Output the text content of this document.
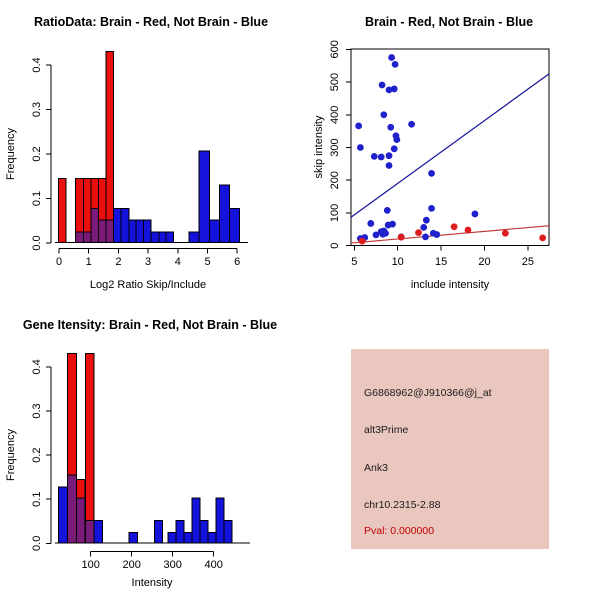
0.0
0.1
0.2
0.3
0.4
0 1 2 3 4 5 6	5	10	15	20	25
0
100
200
300
400
500
600
0.0
0.1
0.2
0.3
0.4
100 200 300 400
RatioData: Brain - Red, Not Brain - Blue	Brain - Red, Not Brain - Blue
Gene Itensity: Brain - Red, Not Brain - Blue
Log2 Ratio Skip/Include
Frequency
include intensity
skip intensity
Intensity
Frequency
G6868962@J910366@j_at
alt3Prime
Ank3
chr10.2315-2.88
Pval: 0.000000
